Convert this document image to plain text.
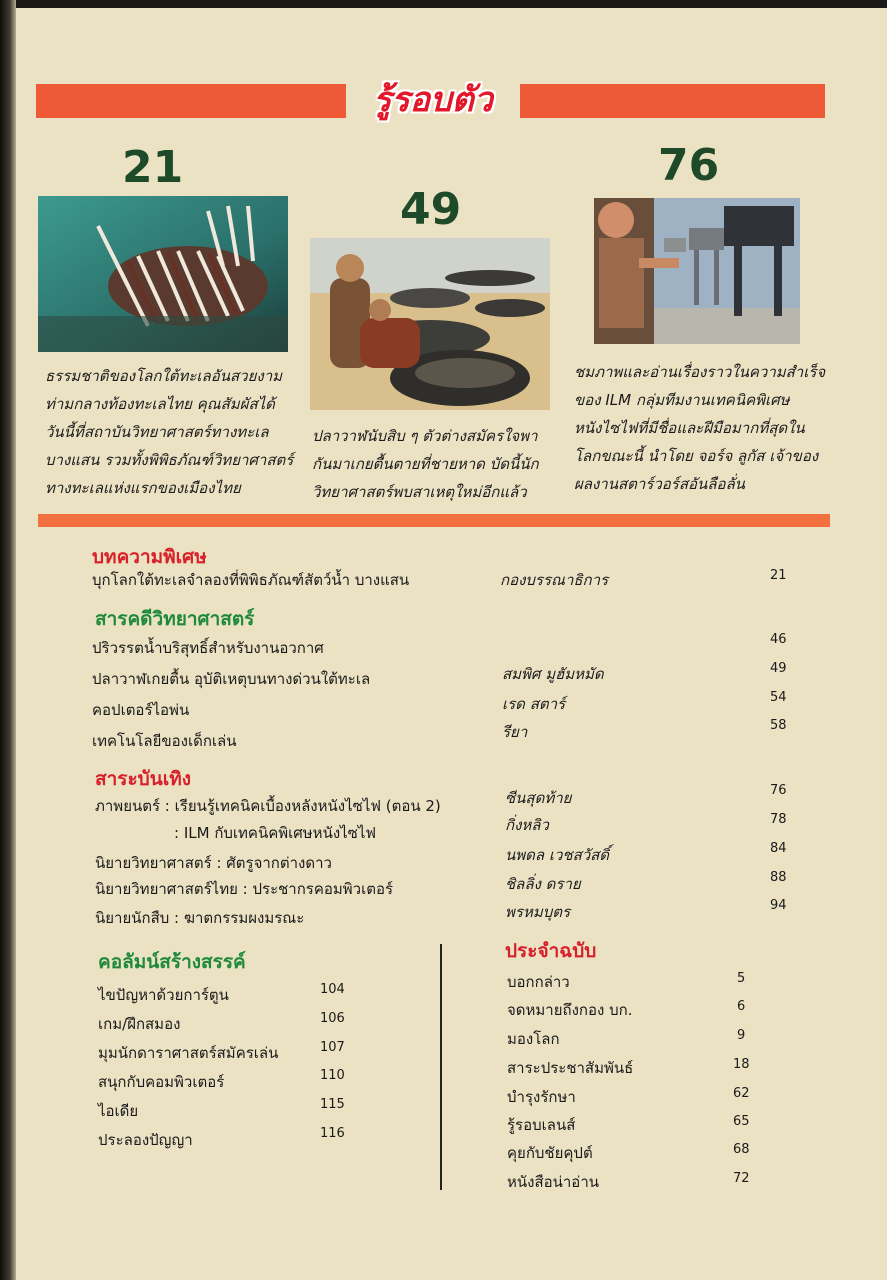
รู้รอบตัว
21
ธรรมชาติของโลกใต้ทะเลอันสวยงาม
ท่ามกลางท้องทะเลไทย คุณสัมผัสได้
วันนี้ที่สถาบันวิทยาศาสตร์ทางทะเล
บางแสน รวมทั้งพิพิธภัณฑ์วิทยาศาสตร์
ทางทะเลแห่งแรกของเมืองไทย
49
ปลาวาฬนับสิบ ๆ ตัวต่างสมัครใจพา
กันมาเกยตื้นตายที่ชายหาด บัดนี้นัก
วิทยาศาสตร์พบสาเหตุใหม่อีกแล้ว
76
ชมภาพและอ่านเรื่องราวในความสำเร็จ
ของ ILM กลุ่มทีมงานเทคนิคพิเศษ
หนังไซไฟที่มีชื่อและฝีมือมากที่สุดใน
โลกขณะนี้ นำโดย จอร์จ ลูกัส เจ้าของ
ผลงานสตาร์วอร์สอันลือลั่น
บทความพิเศษ
บุกโลกใต้ทะเลจำลองที่พิพิธภัณฑ์สัตว์น้ำ บางแสน	กองบรรณาธิการ	21
สารคดีวิทยาศาสตร์
ปริวรรตน้ำบริสุทธิ์สำหรับงานอวกาศ	46
ปลาวาฬเกยตื้น อุบัติเหตุบนทางด่วนใต้ทะเล	สมพิศ มูฮัมหมัด	49
คอปเตอร์ไอพ่น	เรด สตาร์	54
เทคโนโลยีของเด็กเล่น	รียา	58
สาระบันเทิง
ภาพยนตร์ : เรียนรู้เทคนิคเบื้องหลังหนังไซไฟ (ตอน 2)	ซีนสุดท้าย	76
: ILM กับเทคนิคพิเศษหนังไซไฟ	กิ่งหลิว	78
นิยายวิทยาศาสตร์ : ศัตรูจากต่างดาว	นพดล เวชสวัสดิ์	84
นิยายวิทยาศาสตร์ไทย : ประชากรคอมพิวเตอร์	ชิลลิ่ง ดราย	88
นิยายนักสืบ : ฆาตกรรมผงมรณะ	พรหมบุตร	94
คอลัมน์สร้างสรรค์
ไขปัญหาด้วยการ์ตูน	104
เกม/ฝึกสมอง	106
มุมนักดาราศาสตร์สมัครเล่น	107
สนุกกับคอมพิวเตอร์	110
ไอเดีย	115
ประลองปัญญา	116
ประจำฉบับ
บอกกล่าว	5
จดหมายถึงกอง บก.	6
มองโลก	9
สาระประชาสัมพันธ์	18
บำรุงรักษา	62
รู้รอบเลนส์	65
คุยกับชัยคุปต์	68
หนังสือน่าอ่าน	72
